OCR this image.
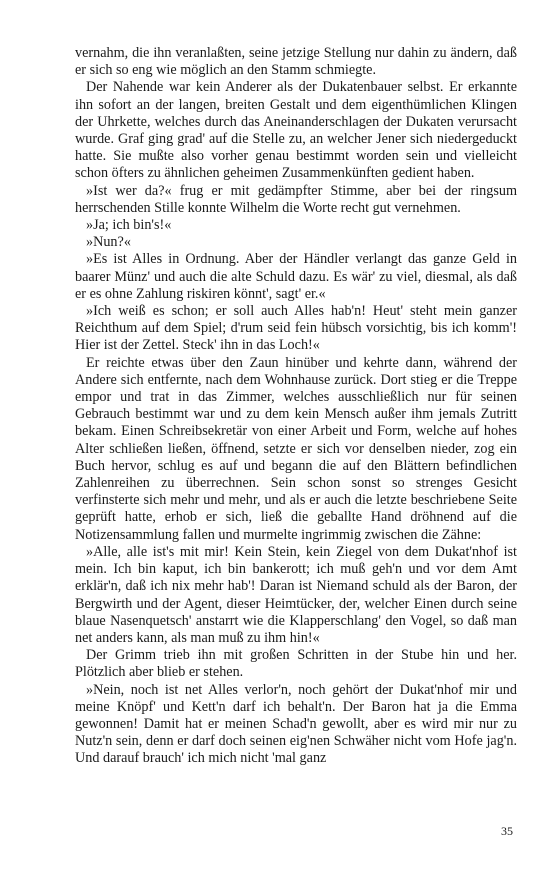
vernahm, die ihn veranlaßten, seine jetzige Stellung nur dahin zu ändern, daß er sich so eng wie möglich an den Stamm schmiegte.

Der Nahende war kein Anderer als der Dukatenbauer selbst. Er erkannte ihn sofort an der langen, breiten Gestalt und dem eigenthümlichen Klingen der Uhrkette, welches durch das Aneinanderschlagen der Dukaten verursacht wurde. Graf ging grad' auf die Stelle zu, an welcher Jener sich niedergeduckt hatte. Sie mußte also vorher genau bestimmt worden sein und vielleicht schon öfters zu ähnlichen geheimen Zusammenkünften gedient haben.

»Ist wer da?« frug er mit gedämpfter Stimme, aber bei der ringsum herrschenden Stille konnte Wilhelm die Worte recht gut vernehmen.

»Ja; ich bin's!«

»Nun?«

»Es ist Alles in Ordnung. Aber der Händler verlangt das ganze Geld in baarer Münz' und auch die alte Schuld dazu. Es wär' zu viel, diesmal, als daß er es ohne Zahlung riskiren könnt', sagt' er.«

»Ich weiß es schon; er soll auch Alles hab'n! Heut' steht mein ganzer Reichthum auf dem Spiel; d'rum seid fein hübsch vorsichtig, bis ich komm'! Hier ist der Zettel. Steck' ihn in das Loch!«

Er reichte etwas über den Zaun hinüber und kehrte dann, während der Andere sich entfernte, nach dem Wohnhause zurück. Dort stieg er die Treppe empor und trat in das Zimmer, welches ausschließlich nur für seinen Gebrauch bestimmt war und zu dem kein Mensch außer ihm jemals Zutritt bekam. Einen Schreibsekretär von einer Arbeit und Form, welche auf hohes Alter schließen ließen, öffnend, setzte er sich vor denselben nieder, zog ein Buch hervor, schlug es auf und begann die auf den Blättern befindlichen Zahlenreihen zu überrechnen. Sein schon sonst so strenges Gesicht verfinsterte sich mehr und mehr, und als er auch die letzte beschriebene Seite geprüft hatte, erhob er sich, ließ die geballte Hand dröhnend auf die Notizensammlung fallen und murmelte ingrimmig zwischen die Zähne:

»Alle, alle ist's mit mir! Kein Stein, kein Ziegel von dem Dukat'nhof ist mein. Ich bin kaput, ich bin bankerott; ich muß geh'n und vor dem Amt erklär'n, daß ich nix mehr hab'! Daran ist Niemand schuld als der Baron, der Bergwirth und der Agent, dieser Heimtücker, der, welcher Einen durch seine blaue Nasenquetsch' anstarrt wie die Klapperschlang' den Vogel, so daß man net anders kann, als man muß zu ihm hin!«

Der Grimm trieb ihn mit großen Schritten in der Stube hin und her. Plötzlich aber blieb er stehen.

»Nein, noch ist net Alles verlor'n, noch gehört der Dukat'nhof mir und meine Knöpf' und Kett'n darf ich behalt'n. Der Baron hat ja die Emma gewonnen! Damit hat er meinen Schad'n gewollt, aber es wird mir nur zu Nutz'n sein, denn er darf doch seinen eig'nen Schwäher nicht vom Hofe jag'n. Und darauf brauch' ich mich nicht 'mal ganz

35
